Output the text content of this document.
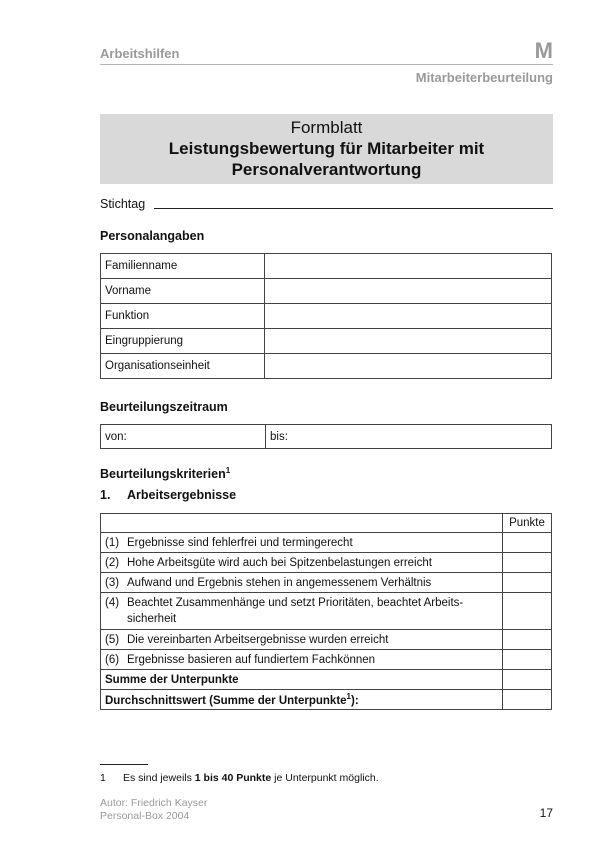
Arbeitshilfen	M
Mitarbeiterbeurteilung
Formblatt
Leistungsbewertung für Mitarbeiter mit
Personalverantwortung
Stichtag
Personalangaben
Familienname	
Vorname	
Funktion	
Eingruppierung	
Organisationseinheit	
Beurteilungszeitraum
von:	bis:
Beurteilungskriterien$^1$
1. Arbeitsergebnisse
	Punkte
(1) Ergebnisse sind fehlerfrei und termingerecht	
(2) Hohe Arbeitsgüte wird auch bei Spitzenbelastungen erreicht	
(3) Aufwand und Ergebnis stehen in angemessenem Verhältnis	
(4) Beachtet Zusammenhänge und setzt Prioritäten, beachtet Arbeits-sicherheit	
(5) Die vereinbarten Arbeitsergebnisse wurden erreicht	
(6) Ergebnisse basieren auf fundiertem Fachkönnen	
Summe der Unterpunkte	
Durchschnittswert (Summe der Unterpunkte$^1$):	
1 Es sind jeweils 1 bis 40 Punkte je Unterpunkt möglich.
Autor: Friedrich Kayser
Personal-Box 2004	17
